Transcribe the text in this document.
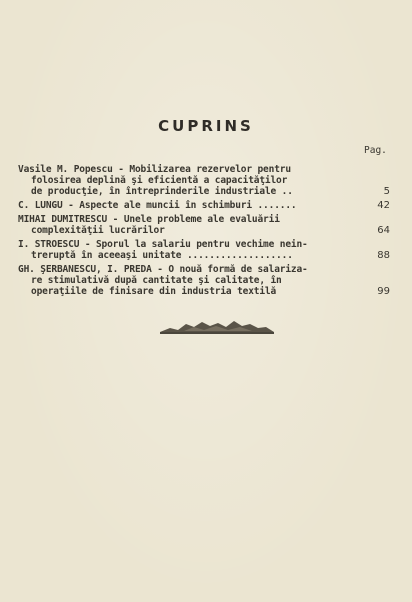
CUPRINS
Pag.
Vasile M. Popescu - Mobilizarea rezervelor pentru
folosirea deplină şi eficientă a capacităţilor
de producţie, în întreprinderile industriale ..	5
C. LUNGU - Aspecte ale muncii în schimburi .......	42
MIHAI DUMITRESCU - Unele probleme ale evaluării
complexităţii lucrărilor	64
I. STROESCU - Sporul la salariu pentru vechime nein-
treruptă în aceeaşi unitate ...................	88
GH. ŞERBANESCU, I. PREDA - O nouă formă de salariza-
re stimulativă după cantitate şi calitate, în
operaţiile de finisare din industria textilă	99
